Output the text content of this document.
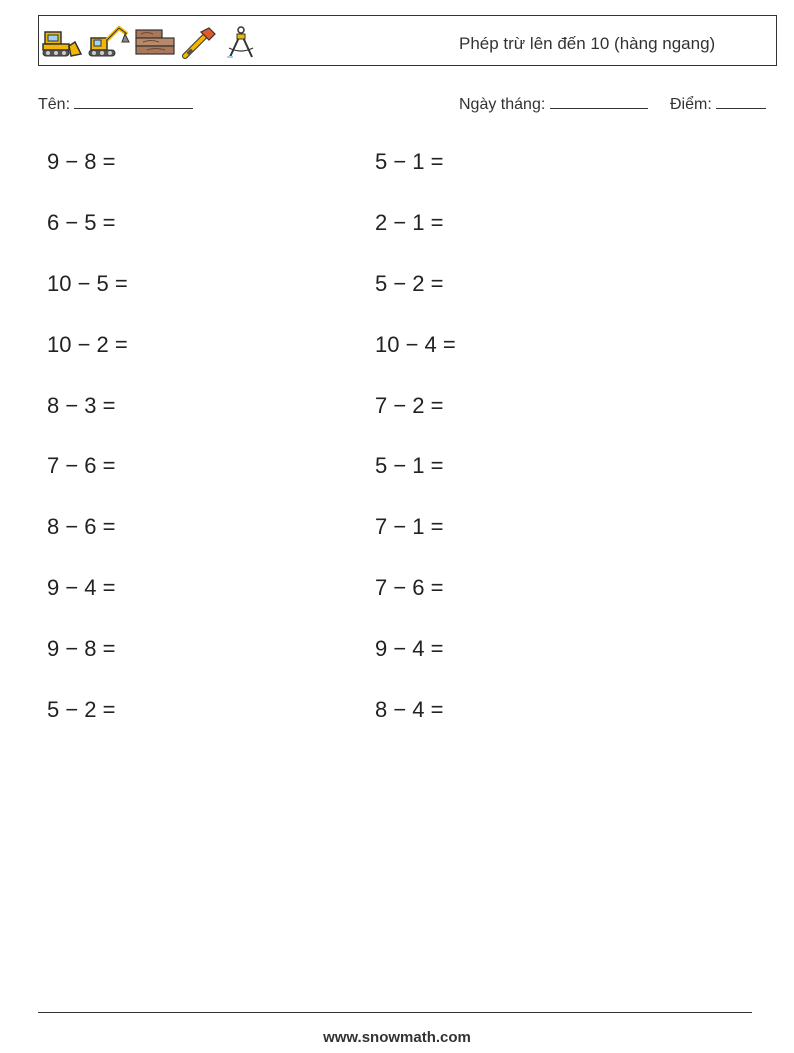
Phép trừ lên đến 10 (hàng ngang)
Tên:	Ngày tháng:	Điểm:
9 − 8 =
6 − 5 =
10 − 5 =
10 − 2 =
8 − 3 =
7 − 6 =
8 − 6 =
9 − 4 =
9 − 8 =
5 − 2 =
5 − 1 =
2 − 1 =
5 − 2 =
10 − 4 =
7 − 2 =
5 − 1 =
7 − 1 =
7 − 6 =
9 − 4 =
8 − 4 =
www.snowmath.com
